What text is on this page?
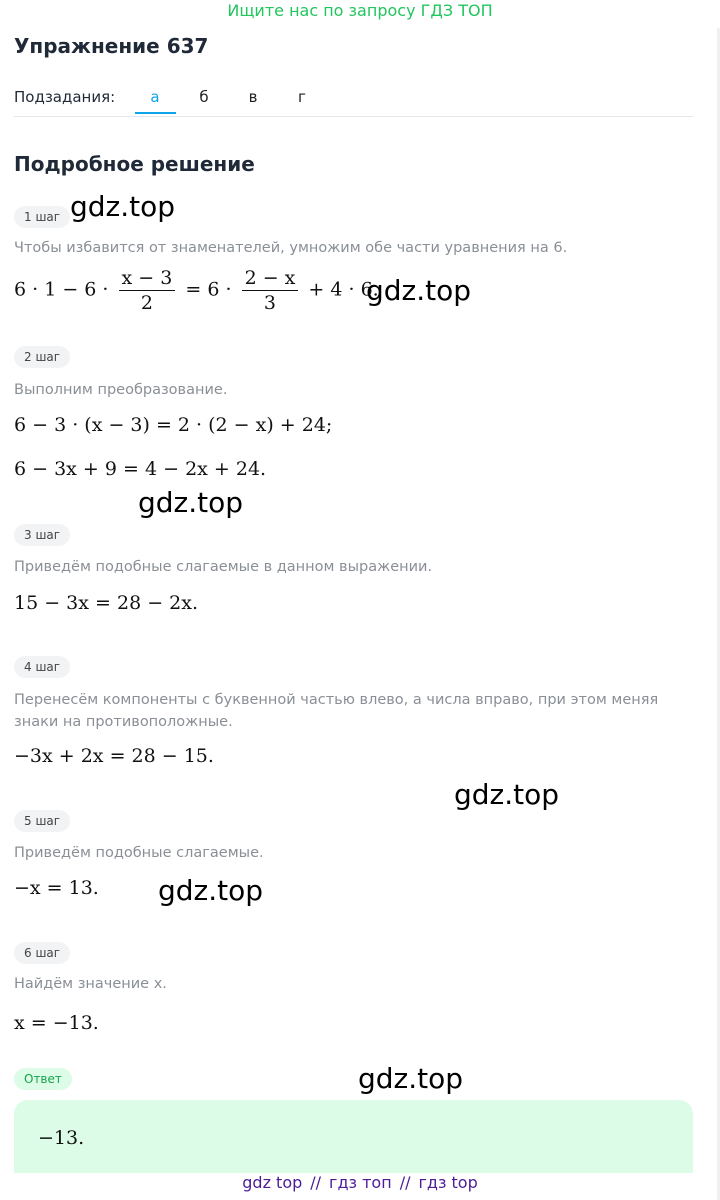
Ищите нас по запросу ГДЗ ТОП
Упражнение 637
Подзадания:	а	б	в	г
Подробное решение
1 шаг
Чтобы избавится от знаменателей, умножим обе части уравнения на 6.
$6 \cdot 1 - 6 \cdot \frac{x - 3}{2} = 6 \cdot \frac{2 - x}{3} + 4 \cdot 6$.
2 шаг
Выполним преобразование.
6 − 3 · (x − 3) = 2 · (2 − x) + 24;
6 − 3x + 9 = 4 − 2x + 24.
3 шаг
Приведём подобные слагаемые в данном выражении.
15 − 3x = 28 − 2x.
4 шаг
Перенесём компоненты с буквенной частью влево, а числа вправо, при этом меняя знаки на противоположные.
−3x + 2x = 28 − 15.
5 шаг
Приведём подобные слагаемые.
−x = 13.
6 шаг
Найдём значение x.
x = −13.
Ответ
−13.
gdz.top
gdz.top
gdz.top
gdz.top
gdz.top
gdz.top
gdz top // гдз топ // гдз top
